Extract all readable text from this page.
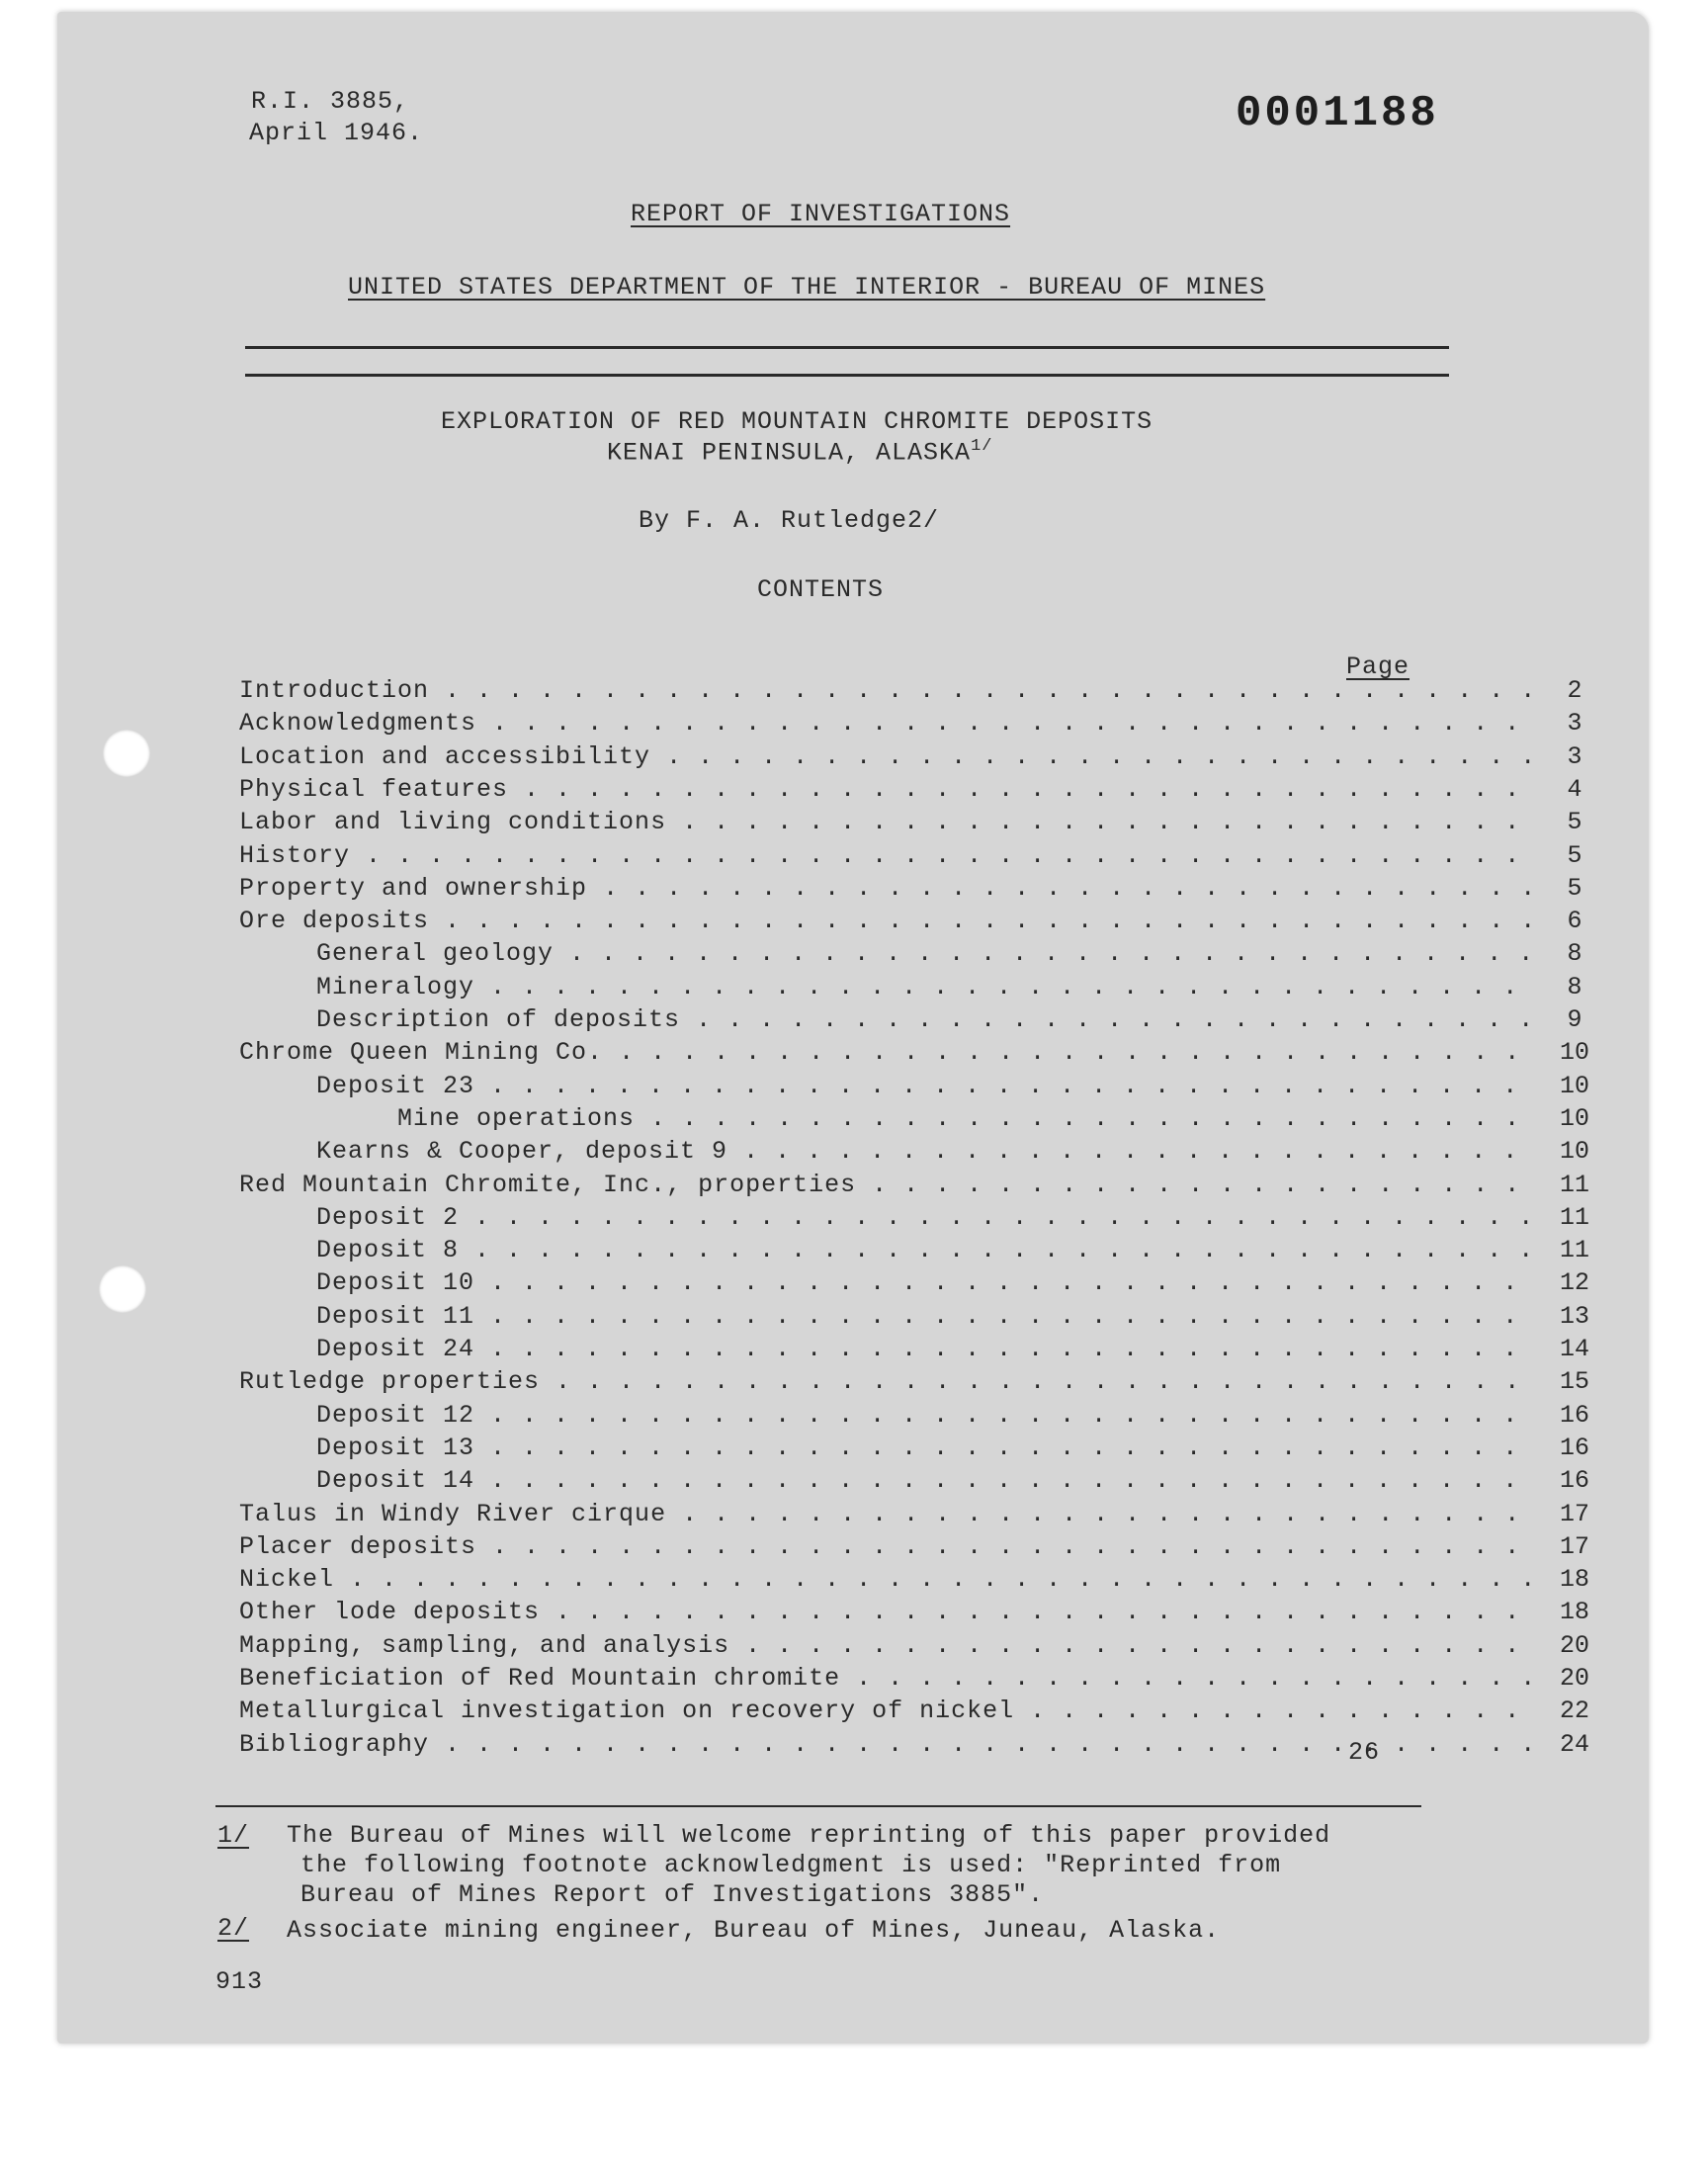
R.I. 3885,
April 1946.	0001188
REPORT OF INVESTIGATIONS
UNITED STATES DEPARTMENT OF THE INTERIOR - BUREAU OF MINES
EXPLORATION OF RED MOUNTAIN CHROMITE DEPOSITS
KENAI PENINSULA, $ALASKA^{1/}$
By F. A. Rutledge2/
CONTENTS
Page
Introduction . . .	2
Acknowledgments . . .	3
Location and accessibility . . .	3
Physical features . . .	4
Labor and living conditions . . .	5
History . . .	5
Property and ownership . . .	5
Ore deposits . . .	6
General geology . . .	8
Mineralogy . . .	8
Description of deposits . . .	9
Chrome Queen Mining Co. . . .	10
Deposit 23 . . .	10
Mine operations . . .	10
Kearns & Cooper, deposit 9 . . .	10
Red Mountain Chromite, Inc., properties . . .	11
Deposit 2 . . .	11
Deposit 8 . . .	11
Deposit 10 . . .	12
Deposit 11 . . .	13
Deposit 24 . . .	14
Rutledge properties . . .	15
Deposit 12 . . .	16
Deposit 13 . . .	16
Deposit 14 . . .	16
Talus in Windy River cirque . . .	17
Placer deposits . . .	17
Nickel . . .	18
Other lode deposits . . .	18
Mapping, sampling, and analysis . . .	20
Beneficiation of Red Mountain chromite . . .	20
Metallurgical investigation on recovery of nickel . . .	22
Bibliography . . .	24
26
1/ The Bureau of Mines will welcome reprinting of this paper provided
the following footnote acknowledgment is used: "Reprinted from
Bureau of Mines Report of Investigations 3885".
2/ Associate mining engineer, Bureau of Mines, Juneau, Alaska.
913
